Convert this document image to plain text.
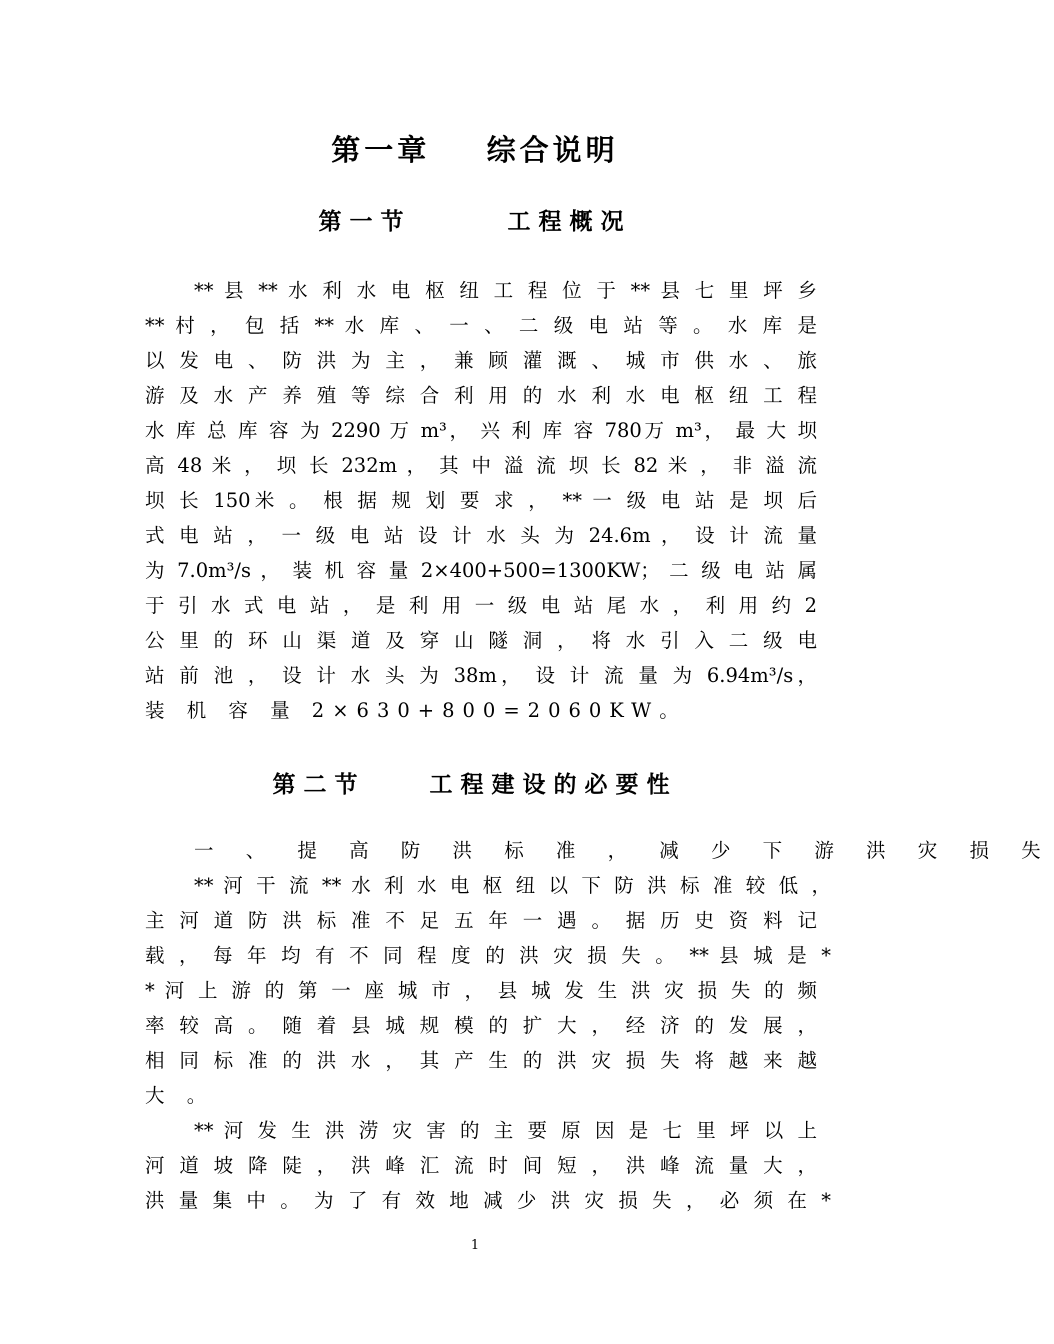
第一章    综合说明
第一节      工程概况
** 县 ** 水 利 水 电 枢 纽 工 程 位 于 ** 县 七 里 坪 乡
** 村 ， 包 括 ** 水 库 、 一 、 二 级 电 站 等 。 水 库 是
以 发 电 、 防 洪 为 主 ， 兼 顾 灌 溉 、 城 市 供 水 、 旅
游 及 水 产 养 殖 等 综 合 利 用 的 水 利 水 电 枢 纽 工 程
水 库 总 库 容 为 2290 万 m³， 兴 利 库 容 780万 m³， 最 大 坝
高 48 米 ， 坝 长 232m ， 其 中 溢 流 坝 长 82 米 ， 非 溢 流
坝 长 150米 。 根 据 规 划 要 求 ， ** 一 级 电 站 是 坝 后
式 电 站 ， 一 级 电 站 设 计 水 头 为 24.6m ， 设 计 流 量
为 7.0m³/s ， 装 机 容 量 2×400+500=1300KW； 二 级 电 站 属
于 引 水 式 电 站 ， 是 利 用 一 级 电 站 尾 水 ， 利 用 约 2
公 里 的 环 山 渠 道 及 穿 山 隧 洞 ， 将 水 引 入 二 级 电
站 前 池 ， 设 计 水 头 为 38m， 设 计 流 量 为 6.94m³/s，
装 机 容 量 2×630+800=2060KW。
第二节    工程建设的必要性
一 、 提 高 防 洪 标 准 ， 减 少 下 游 洪 灾 损 失
** 河 干 流 ** 水 利 水 电 枢 纽 以 下 防 洪 标 准 较 低 ，
主 河 道 防 洪 标 准 不 足 五 年 一 遇 。 据 历 史 资 料 记
载 ， 每 年 均 有 不 同 程 度 的 洪 灾 损 失 。 ** 县 城 是 *
* 河 上 游 的 第 一 座 城 市 ， 县 城 发 生 洪 灾 损 失 的 频
率 较 高 。 随 着 县 城 规 模 的 扩 大 ， 经 济 的 发 展 ，
相 同 标 准 的 洪 水 ， 其 产 生 的 洪 灾 损 失 将 越 来 越
大 。
** 河 发 生 洪 涝 灾 害 的 主 要 原 因 是 七 里 坪 以 上
河 道 坡 降 陡 ， 洪 峰 汇 流 时 间 短 ， 洪 峰 流 量 大 ，
洪 量 集 中 。 为 了 有 效 地 减 少 洪 灾 损 失 ， 必 须 在 *
1
